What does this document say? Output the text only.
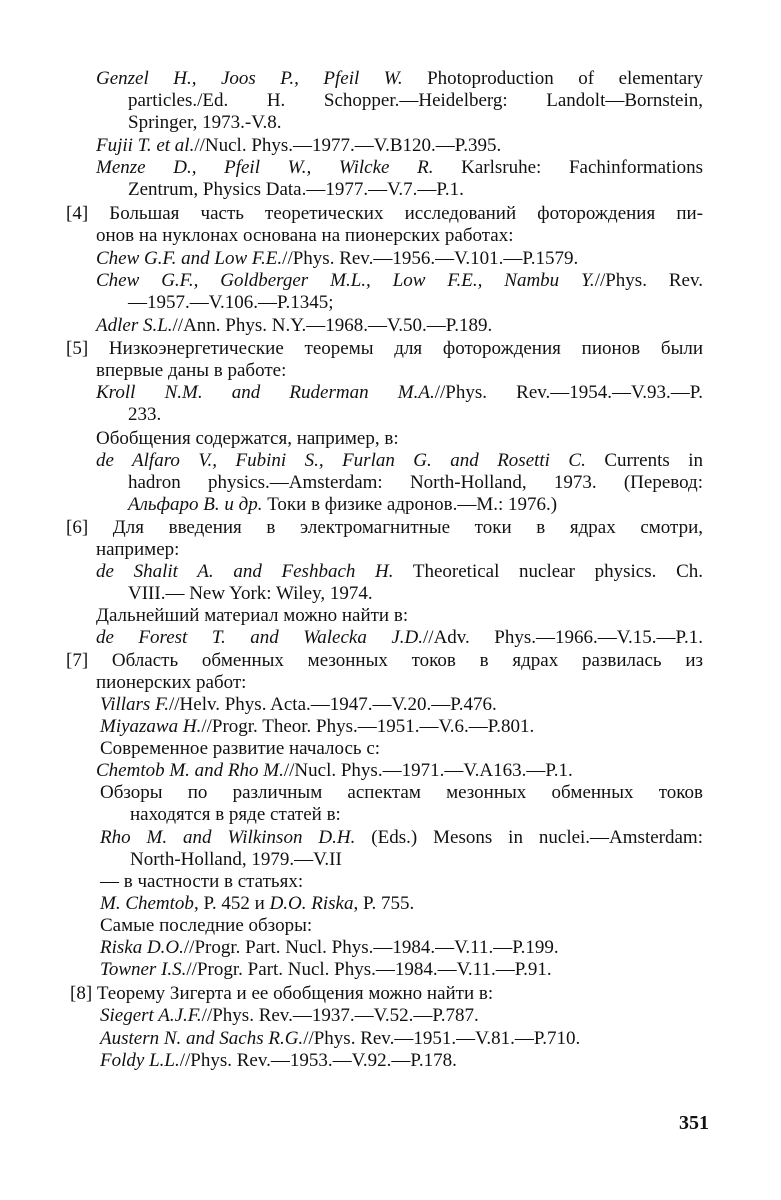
Genzel H., Joos P., Pfeil W. Photoproduction of elementary
particles./Ed. H. Schopper.—Heidelberg: Landolt—Bornstein,
Springer, 1973.-V.8.
Fujii T. et al.//Nucl. Phys.—1977.—V.B120.—P.395.
Menze D., Pfeil W., Wilcke R. Karlsruhe: Fachinformations
Zentrum, Physics Data.—1977.—V.7.—P.1.
[4] Большая часть теоретических исследований фоторождения пи-
онов на нуклонах основана на пионерских работах:
Chew G.F. and Low F.E.//Phys. Rev.—1956.—V.101.—P.1579.
Chew G.F., Goldberger M.L., Low F.E., Nambu Y.//Phys. Rev.
—1957.—V.106.—P.1345;
Adler S.L.//Ann. Phys. N.Y.—1968.—V.50.—P.189.
[5] Низкоэнергетические теоремы для фоторождения пионов были
впервые даны в работе:
Kroll N.M. and Ruderman M.A.//Phys. Rev.—1954.—V.93.—P.
233.
Обобщения содержатся, например, в:
de Alfaro V., Fubini S., Furlan G. and Rosetti C. Currents in
hadron physics.—Amsterdam: North-Holland, 1973. (Перевод:
Альфаро В. и др. Токи в физике адронов.—М.: 1976.)
[6] Для введения в электромагнитные токи в ядрах смотри,
например:
de Shalit A. and Feshbach H. Theoretical nuclear physics. Ch.
VIII.— New York: Wiley, 1974.
Дальнейший материал можно найти в:
de Forest T. and Walecka J.D.//Adv. Phys.—1966.—V.15.—P.1.
[7] Область обменных мезонных токов в ядрах развилась из
пионерских работ:
Villars F.//Helv. Phys. Acta.—1947.—V.20.—P.476.
Miyazawa H.//Progr. Theor. Phys.—1951.—V.6.—P.801.
Современное развитие началось с:
Chemtob M. and Rho M.//Nucl. Phys.—1971.—V.A163.—P.1.
Обзоры по различным аспектам мезонных обменных токов
находятся в ряде статей в:
Rho M. and Wilkinson D.H. (Eds.) Mesons in nuclei.—Amsterdam:
North-Holland, 1979.—V.II
— в частности в статьях:
M. Chemtob, P. 452 и D.O. Riska, P. 755.
Самые последние обзоры:
Riska D.O.//Progr. Part. Nucl. Phys.—1984.—V.11.—P.199.
Towner I.S.//Progr. Part. Nucl. Phys.—1984.—V.11.—P.91.
[8] Теорему Зигерта и ее обобщения можно найти в:
Siegert A.J.F.//Phys. Rev.—1937.—V.52.—P.787.
Austern N. and Sachs R.G.//Phys. Rev.—1951.—V.81.—P.710.
Foldy L.L.//Phys. Rev.—1953.—V.92.—P.178.
351
